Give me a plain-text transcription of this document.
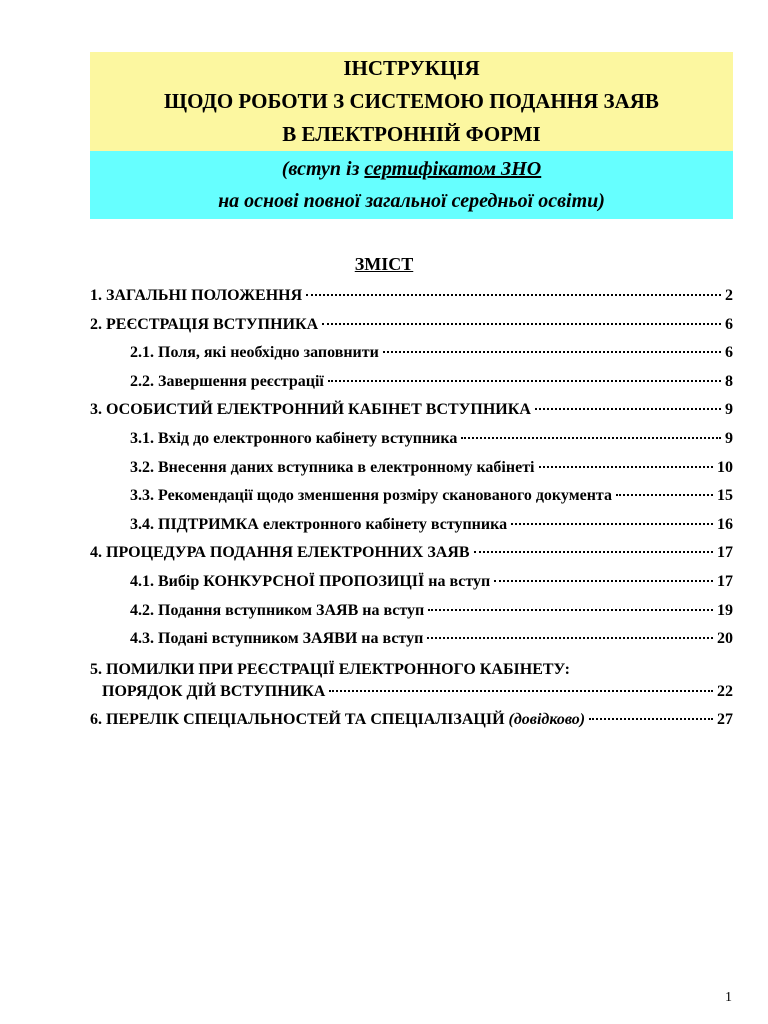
ІНСТРУКЦІЯ
ЩОДО РОБОТИ З СИСТЕМОЮ ПОДАННЯ ЗАЯВ
В ЕЛЕКТРОННІЙ ФОРМІ
(вступ із сертифікатом ЗНО
на основі повної загальної середньої освіти)
ЗМІСТ
1. ЗАГАЛЬНІ ПОЛОЖЕННЯ	2
2. РЕЄСТРАЦІЯ ВСТУПНИКА	6
2.1. Поля, які необхідно заповнити	6
2.2. Завершення реєстрації	8
3. ОСОБИСТИЙ ЕЛЕКТРОННИЙ КАБІНЕТ ВСТУПНИКА	9
3.1. Вхід до електронного кабінету вступника	9
3.2. Внесення даних вступника в електронному кабінеті	10
3.3. Рекомендації щодо зменшення розміру сканованого документа	15
3.4. ПІДТРИМКА електронного кабінету вступника	16
4. ПРОЦЕДУРА ПОДАННЯ ЕЛЕКТРОННИХ ЗАЯВ	17
4.1. Вибір КОНКУРСНОЇ ПРОПОЗИЦІЇ на вступ	17
4.2. Подання вступником ЗАЯВ на вступ	19
4.3. Подані вступником ЗАЯВИ на вступ	20
5. ПОМИЛКИ ПРИ РЕЄСТРАЦІЇ ЕЛЕКТРОННОГО КАБІНЕТУ:
ПОРЯДОК ДІЙ ВСТУПНИКА	22
6. ПЕРЕЛІК СПЕЦІАЛЬНОСТЕЙ ТА СПЕЦІАЛІЗАЦІЙ (довідково)	27
1
